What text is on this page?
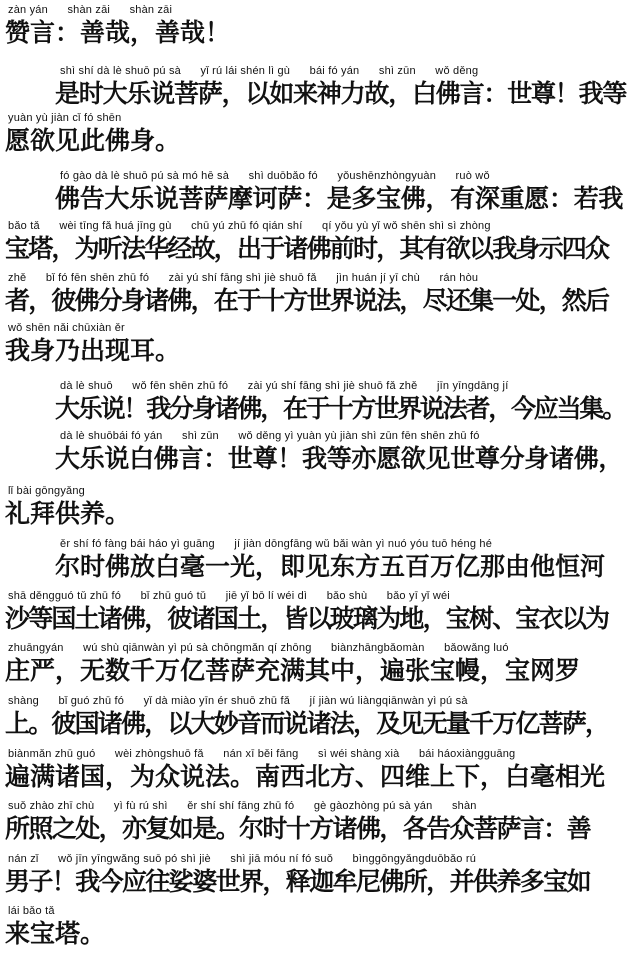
zàn yán      shàn zāi      shàn zāi
赞言：善哉，善哉！
shì shí dà lè shuō pú sà      yǐ rú lái shén lì gù      bái fó yán      shì zūn      wǒ děng
是时大乐说菩萨，以如来神力故，白佛言：世尊！我等
yuàn yù jiàn cǐ fó shēn
愿欲见此佛身。
fó gào dà lè shuō pú sà mó hē sà      shì duōbǎo fó      yǒushēnzhòngyuàn      ruò wǒ
佛告大乐说菩萨摩诃萨：是多宝佛，有深重愿：若我
bǎo tǎ      wèi tīng fǎ huá jīng gù      chū yú zhū fó qián shí      qí yǒu yù yǐ wǒ shēn shì sì zhòng
宝塔，为听法华经故，出于诸佛前时，其有欲以我身示四众
zhě      bǐ fó fēn shēn zhū fó      zài yú shí fāng shì jiè shuō fǎ      jìn huán jí yī chù      rán hòu
者，彼佛分身诸佛，在于十方世界说法，尽还集一处，然后
wǒ shēn nǎi chūxiàn ěr
我身乃出现耳。
dà lè shuō      wǒ fēn shēn zhū fó      zài yú shí fāng shì jiè shuō fǎ zhě      jīn yīngdāng jí
大乐说！我分身诸佛，在于十方世界说法者，今应当集。
dà lè shuōbái fó yán      shì zūn      wǒ děng yì yuàn yù jiàn shì zūn fēn shēn zhū fó
大乐说白佛言：世尊！我等亦愿欲见世尊分身诸佛，
lǐ bài gōngyǎng
礼拜供养。
ěr shí fó fàng bái háo yì guāng      jí jiàn dōngfāng wǔ bǎi wàn yì nuó yóu tuō héng hé
尔时佛放白毫一光，即见东方五百万亿那由他恒河
shā děngguó tǔ zhū fó      bǐ zhū guó tǔ      jiē yǐ bō lí wéi dì      bǎo shù      bǎo yī yǐ wéi
沙等国土诸佛，彼诸国土，皆以玻璃为地，宝树、宝衣以为
zhuāngyán      wú shù qiānwàn yì pú sà chōngmǎn qí zhōng      biànzhāngbǎomàn      bǎowǎng luó
庄严，无数千万亿菩萨充满其中，遍张宝幔，宝网罗
shàng      bǐ guó zhū fó      yǐ dà miào yīn ér shuō zhū fǎ      jí jiàn wú liàngqiānwàn yì pú sà
上。彼国诸佛，以大妙音而说诸法，及见无量千万亿菩萨，
biànmǎn zhū guó      wèi zhòngshuō fǎ      nán xī běi fāng      sì wéi shàng xià      bái háoxiàngguāng
遍满诸国，为众说法。南西北方、四维上下，白毫相光
suǒ zhào zhī chù      yì fù rú shì      ěr shí shí fāng zhū fó      gè gàozhòng pú sà yán      shàn
所照之处，亦复如是。尔时十方诸佛，各告众菩萨言：善
nán zǐ      wǒ jīn yīngwǎng suō pó shì jiè      shì jiā móu ní fó suǒ      bìnggōngyǎngduōbǎo rú
男子！我今应往娑婆世界，释迦牟尼佛所，并供养多宝如
lái bǎo tǎ
来宝塔。
